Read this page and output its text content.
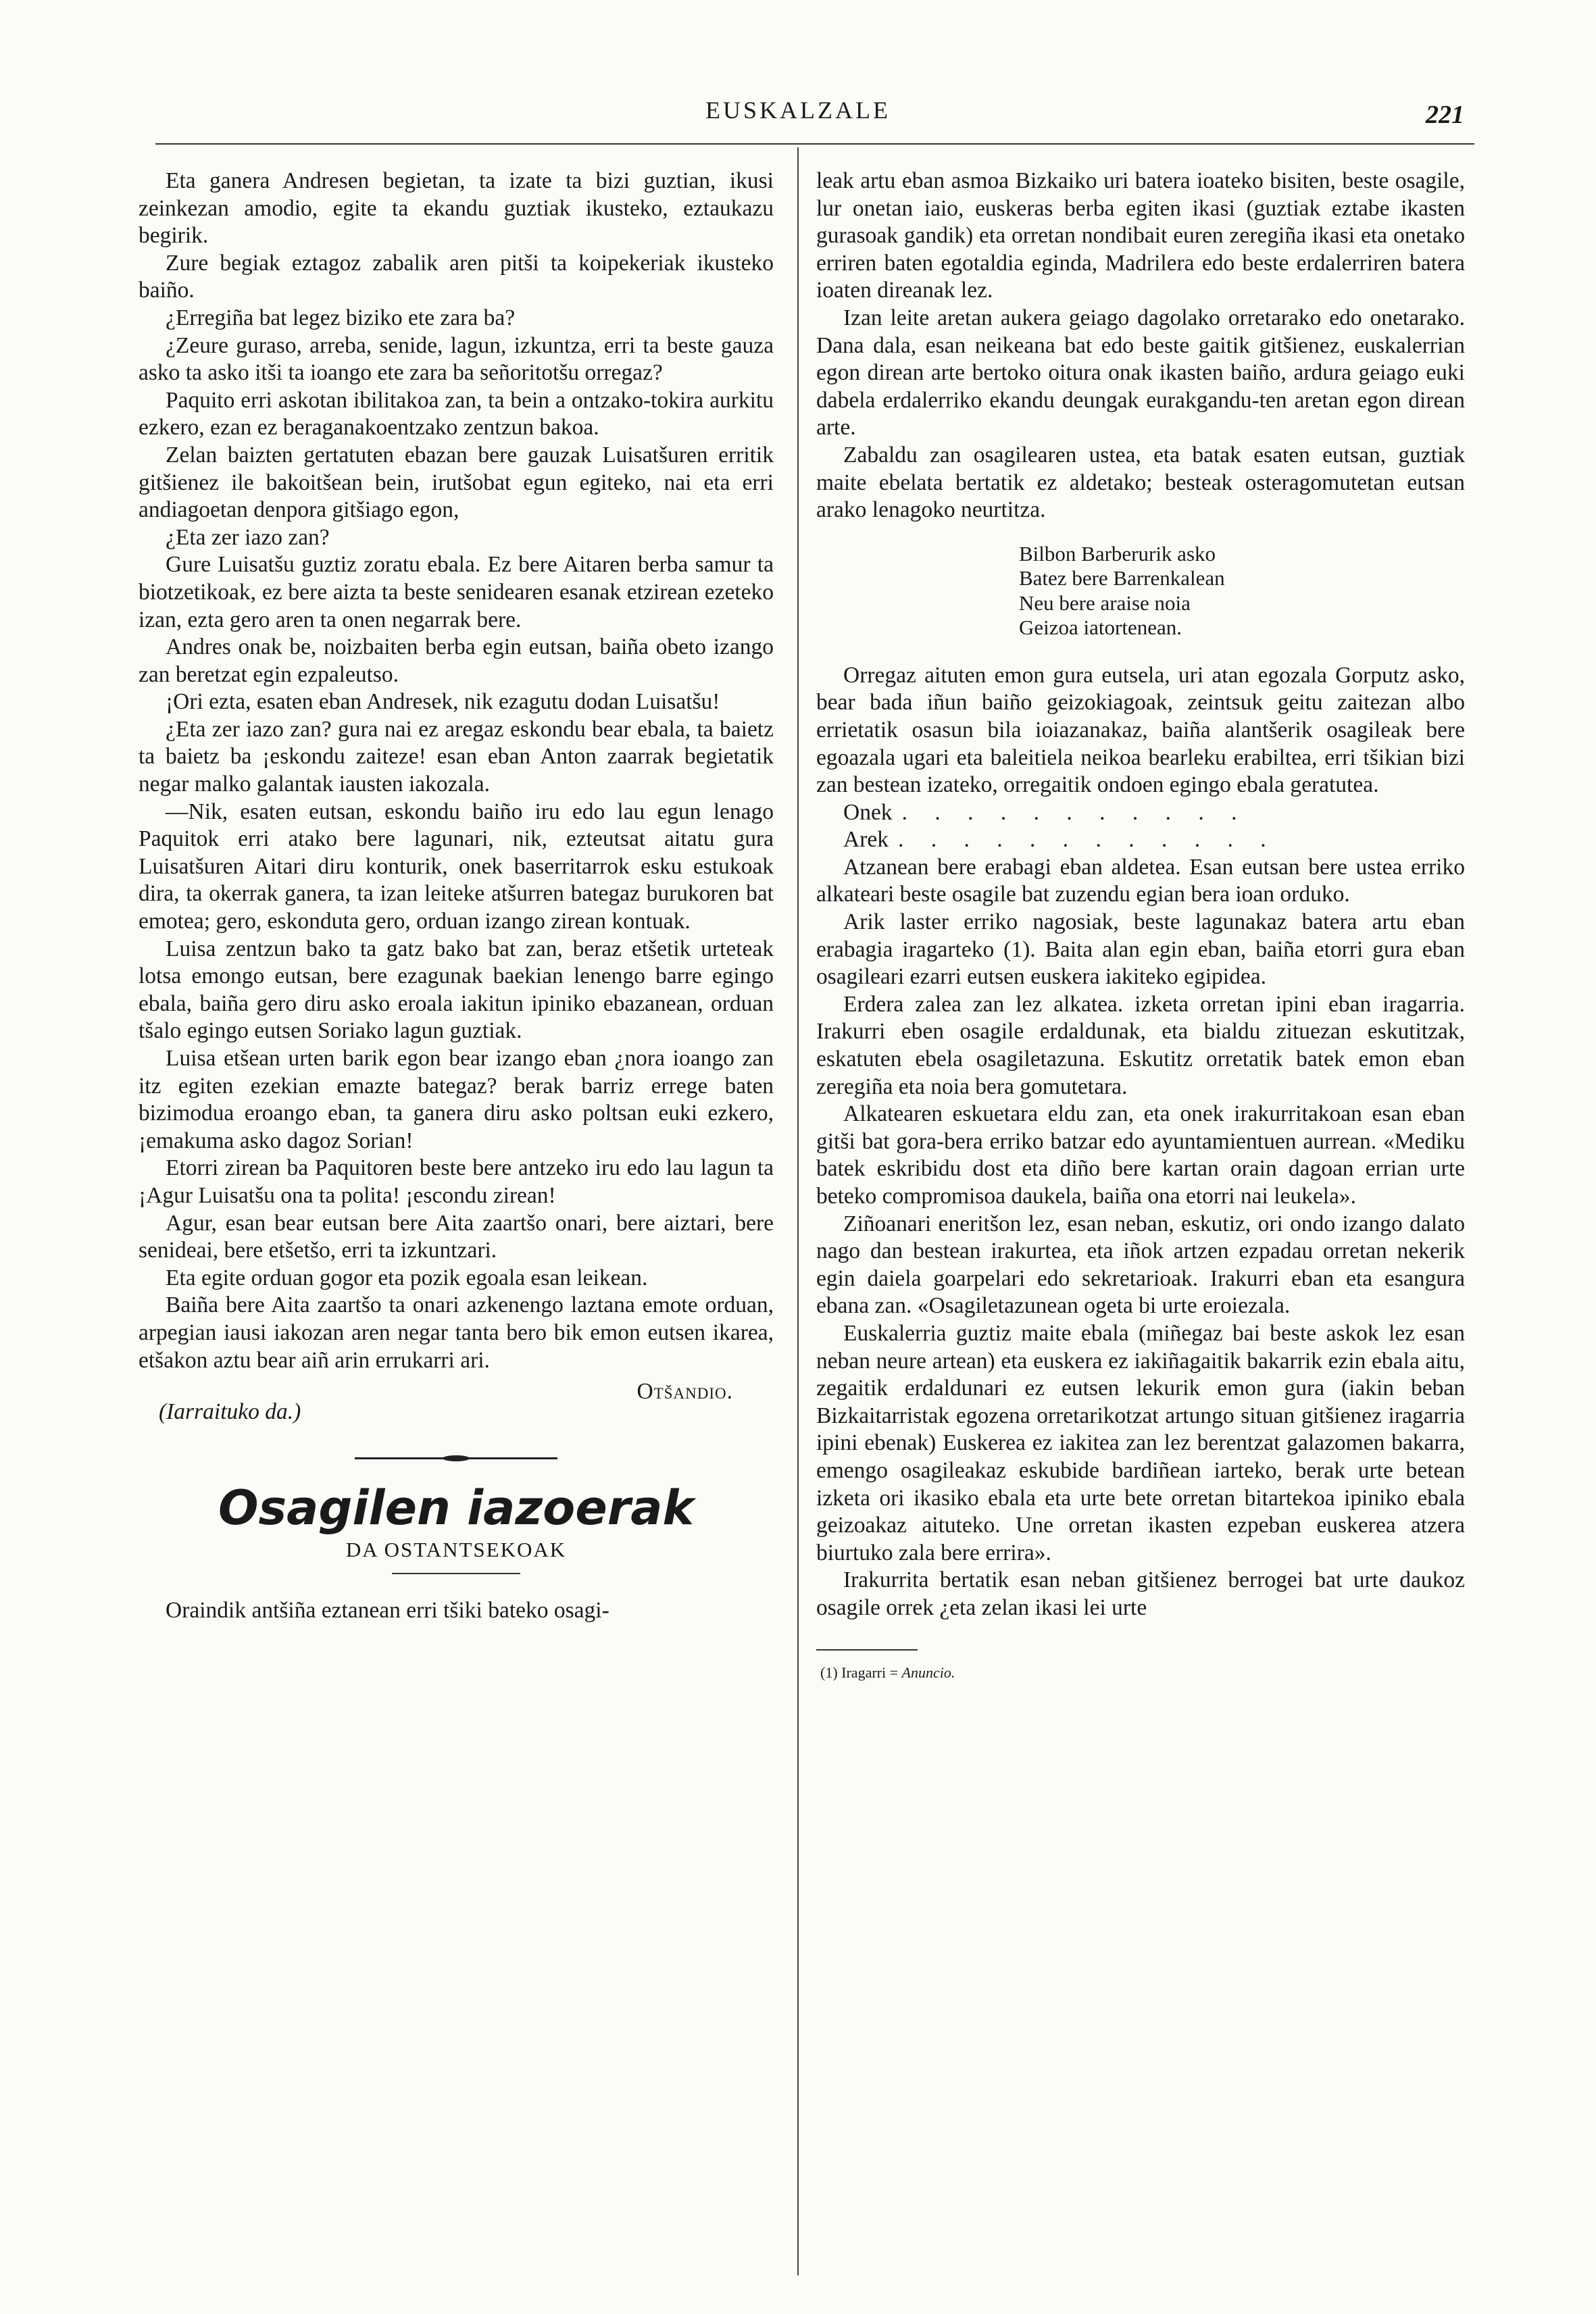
EUSKALZALE	221

Eta ganera Andresen begietan, ta izate ta bizi guztian, ikusi zeinkezan amodio, egite ta ekandu guztiak ikusteko, eztaukazu begirik.

Zure begiak eztagoz zabalik aren pitši ta koipekeriak ikusteko baiño.

¿Erregiña bat legez biziko ete zara ba?

¿Zeure guraso, arreba, senide, lagun, izkuntza, erri ta beste gauza asko ta asko itši ta ioango ete zara ba señoritotšu orregaz?

Paquito erri askotan ibilitakoa zan, ta bein a ontzako-tokira aurkitu ezkero, ezan ez beraganakoentzako zentzun bakoa.

Zelan baizten gertatuten ebazan bere gauzak Luisatšuren erritik gitšienez ile bakoitšean bein, irutšobat egun egiteko, nai eta erri andiagoetan denpora gitšiago egon,

¿Eta zer iazo zan?

Gure Luisatšu guztiz zoratu ebala. Ez bere Aitaren berba samur ta biotzetikoak, ez bere aizta ta beste senidearen esanak etzirean ezeteko izan, ezta gero aren ta onen negarrak bere.

Andres onak be, noizbaiten berba egin eutsan, baiña obeto izango zan beretzat egin ezpaleutso.

¡Ori ezta, esaten eban Andresek, nik ezagutu dodan Luisatšu!

¿Eta zer iazo zan? gura nai ez aregaz eskondu bear ebala, ta baietz ta baietz ba ¡eskondu zaiteze! esan eban Anton zaarrak begietatik negar malko galantak iausten iakozala.

—Nik, esaten eutsan, eskondu baiño iru edo lau egun lenago Paquitok erri atako bere lagunari, nik, ezteutsat aitatu gura Luisatšuren Aitari diru konturik, onek baserritarrok esku estukoak dira, ta okerrak ganera, ta izan leiteke atšurren bategaz burukoren bat emotea; gero, eskonduta gero, orduan izango zirean kontuak.

Luisa zentzun bako ta gatz bako bat zan, beraz etšetik urteteak lotsa emongo eutsan, bere ezagunak baekian lenengo barre egingo ebala, baiña gero diru asko eroala iakitun ipiniko ebazanean, orduan tšalo egingo eutsen Soriako lagun guztiak.

Luisa etšean urten barik egon bear izango eban ¿nora ioango zan itz egiten ezekian emazte bategaz? berak barriz errege baten bizimodua eroango eban, ta ganera diru asko poltsan euki ezkero, ¡emakuma asko dagoz Sorian!

Etorri zirean ba Paquitoren beste bere antzeko iru edo lau lagun ta ¡Agur Luisatšu ona ta polita! ¡escondu zirean!

Agur, esan bear eutsan bere Aita zaartšo onari, bere aiztari, bere senideai, bere etšetšo, erri ta izkuntzari.

Eta egite orduan gogor eta pozik egoala esan leikean.

Baiña bere Aita zaartšo ta onari azkenengo laztana emote orduan, arpegian iausi iakozan aren negar tanta bero bik emon eutsen ikarea, etšakon aztu bear aiñ arin errukarri ari.

(Iarraituko da.)
Otšandio.
Osagilen iazoerak
DA OSTANTSEKOAK

Oraindik antšiña eztanean erri tšiki bateko osagi-

leak artu eban asmoa Bizkaiko uri batera ioateko bisiten, beste osagile, lur onetan iaio, euskeras berba egiten ikasi (guztiak eztabe ikasten gurasoak gandik) eta orretan nondibait euren zeregiña ikasi eta onetako erriren baten egotaldia eginda, Madrilera edo beste erdalerriren batera ioaten direanak lez.

Izan leite aretan aukera geiago dagolako orretarako edo onetarako. Dana dala, esan neikeana bat edo beste gaitik gitšienez, euskalerrian egon direan arte bertoko oitura onak ikasten baiño, ardura geiago euki dabela erdalerriko ekandu deungak eurakgandu-ten aretan egon direan arte.

Zabaldu zan osagilearen ustea, eta batak esaten eutsan, guztiak maite ebelata bertatik ez aldetako; besteak osteragomutetan eutsan arako lenagoko neurtitza.

Bilbon Barberurik asko
Batez bere Barrenkalean
Neu bere araise noia
Geizoa iatortenean.

Orregaz aituten emon gura eutsela, uri atan egozala Gorputz asko, bear bada iñun baiño geizokiagoak, zeintsuk geitu zaitezan albo errietatik osasun bila ioiazanakaz, baiña alantšerik osagileak bere egoazala ugari eta baleitiela neikoa bearleku erabiltea, erri tšikian bizi zan bestean izateko, orregaitik ondoen egingo ebala geratutea.

Onek . . . . . . . . . . .
Arek . . . . . . . . . . . .

Atzanean bere erabagi eban aldetea. Esan eutsan bere ustea erriko alkateari beste osagile bat zuzendu egian bera ioan orduko.

Arik laster erriko nagosiak, beste lagunakaz batera artu eban erabagia iragarteko (1). Baita alan egin eban, baiña etorri gura eban osagileari ezarri eutsen euskera iakiteko egipidea.

Erdera zalea zan lez alkatea. izketa orretan ipini eban iragarria. Irakurri eben osagile erdaldunak, eta bialdu zituezan eskutitzak, eskatuten ebela osagiletazuna. Eskutitz orretatik batek emon eban zeregiña eta noia bera gomutetara.

Alkatearen eskuetara eldu zan, eta onek irakurritakoan esan eban gitši bat gora-bera erriko batzar edo ayuntamientuen aurrean. «Mediku batek eskribidu dost eta diño bere kartan orain dagoan errian urte beteko compromisoa daukela, baiña ona etorri nai leukela».

Ziñoanari eneritšon lez, esan neban, eskutiz, ori ondo izango dalato nago dan bestean irakurtea, eta iñok artzen ezpadau orretan nekerik egin daiela goarpelari edo sekretarioak. Irakurri eban eta esangura ebana zan. «Osagiletazunean ogeta bi urte eroiezala.

Euskalerria guztiz maite ebala (miñegaz bai beste askok lez esan neban neure artean) eta euskera ez iakiñagaitik bakarrik ezin ebala aitu, zegaitik erdaldunari ez eutsen lekurik emon gura (iakin beban Bizkaitarristak egozena orretarikotzat artungo situan gitšienez iragarria ipini ebenak) Euskerea ez iakitea zan lez berentzat galazomen bakarra, emengo osagileakaz eskubide bardiñean iarteko, berak urte betean izketa ori ikasiko ebala eta urte bete orretan bitartekoa ipiniko ebala geizoakaz aituteko. Une orretan ikasten ezpeban euskerea atzera biurtuko zala bere errira».

Irakurrita bertatik esan neban gitšienez berrogei bat urte daukoz osagile orrek ¿eta zelan ikasi lei urte

(1) Iragarri = Anuncio.
